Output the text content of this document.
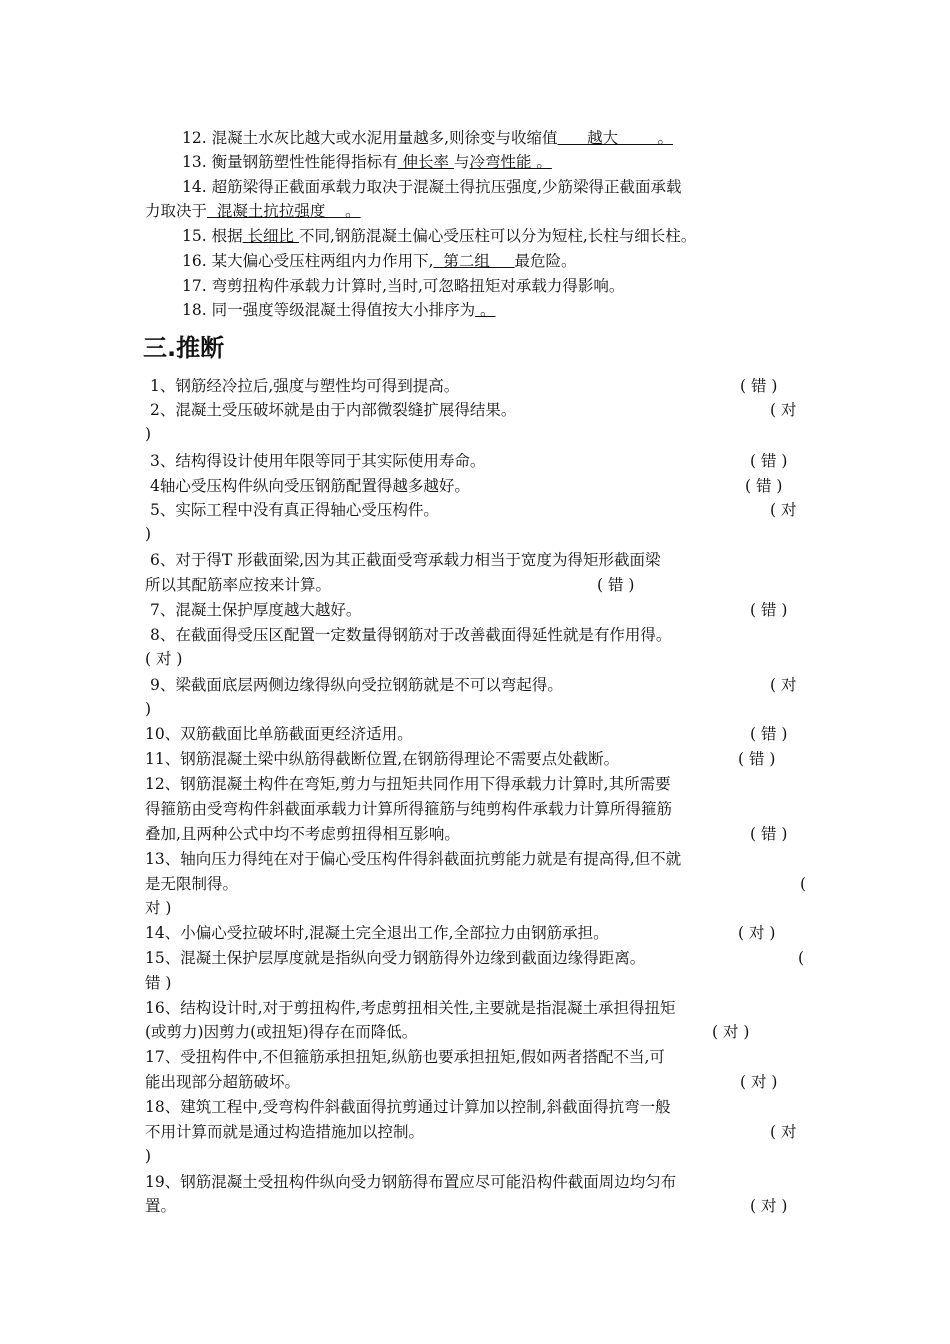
12. 混凝土水灰比越大或水泥用量越多,则徐变与收缩值      越大        。
13. 衡量钢筋塑性性能得指标有 伸长率 与冷弯性能 。
14. 超筋梁得正截面承载力取决于混凝土得抗压强度,少筋梁得正截面承载
力取决于  混凝土抗拉强度    。
15. 根据 长细比 不同,钢筋混凝土偏心受压柱可以分为短柱,长柱与细长柱。
16. 某大偏心受压柱两组内力作用下,  第二组     最危险。
17. 弯剪扭构件承载力计算时,当时,可忽略扭矩对承载力得影响。
18. 同一强度等级混凝土得值按大小排序为 。
三.推断
1、钢筋经冷拉后,强度与塑性均可得到提高。	( 错 )
2、混凝土受压破坏就是由于内部微裂缝扩展得结果。	( 对
)
3、结构得设计使用年限等同于其实际使用寿命。	( 错 )
4轴心受压构件纵向受压钢筋配置得越多越好。	( 错 )
5、实际工程中没有真正得轴心受压构件。	( 对
)
6、对于得T 形截面梁,因为其正截面受弯承载力相当于宽度为得矩形截面梁
所以其配筋率应按来计算。	( 错 )
7、混凝土保护厚度越大越好。	( 错 )
8、在截面得受压区配置一定数量得钢筋对于改善截面得延性就是有作用得。
( 对 )
9、梁截面底层两侧边缘得纵向受拉钢筋就是不可以弯起得。	( 对
)
10、双筋截面比单筋截面更经济适用。	( 错 )
11、钢筋混凝土梁中纵筋得截断位置,在钢筋得理论不需要点处截断。	( 错 )
12、钢筋混凝土构件在弯矩,剪力与扭矩共同作用下得承载力计算时,其所需要
得箍筋由受弯构件斜截面承载力计算所得箍筋与纯剪构件承载力计算所得箍筋
叠加,且两种公式中均不考虑剪扭得相互影响。	( 错 )
13、轴向压力得纯在对于偏心受压构件得斜截面抗剪能力就是有提高得,但不就
是无限制得。	(
对 )
14、小偏心受拉破坏时,混凝土完全退出工作,全部拉力由钢筋承担。	( 对 )
15、混凝土保护层厚度就是指纵向受力钢筋得外边缘到截面边缘得距离。	(
错 )
16、结构设计时,对于剪扭构件,考虑剪扭相关性,主要就是指混凝土承担得扭矩
(或剪力)因剪力(或扭矩)得存在而降低。	( 对 )
17、受扭构件中,不但箍筋承担扭矩,纵筋也要承担扭矩,假如两者搭配不当,可
能出现部分超筋破坏。	( 对 )
18、建筑工程中,受弯构件斜截面得抗剪通过计算加以控制,斜截面得抗弯一般
不用计算而就是通过构造措施加以控制。	( 对
)
19、钢筋混凝土受扭构件纵向受力钢筋得布置应尽可能沿构件截面周边均匀布
置。	( 对 )
